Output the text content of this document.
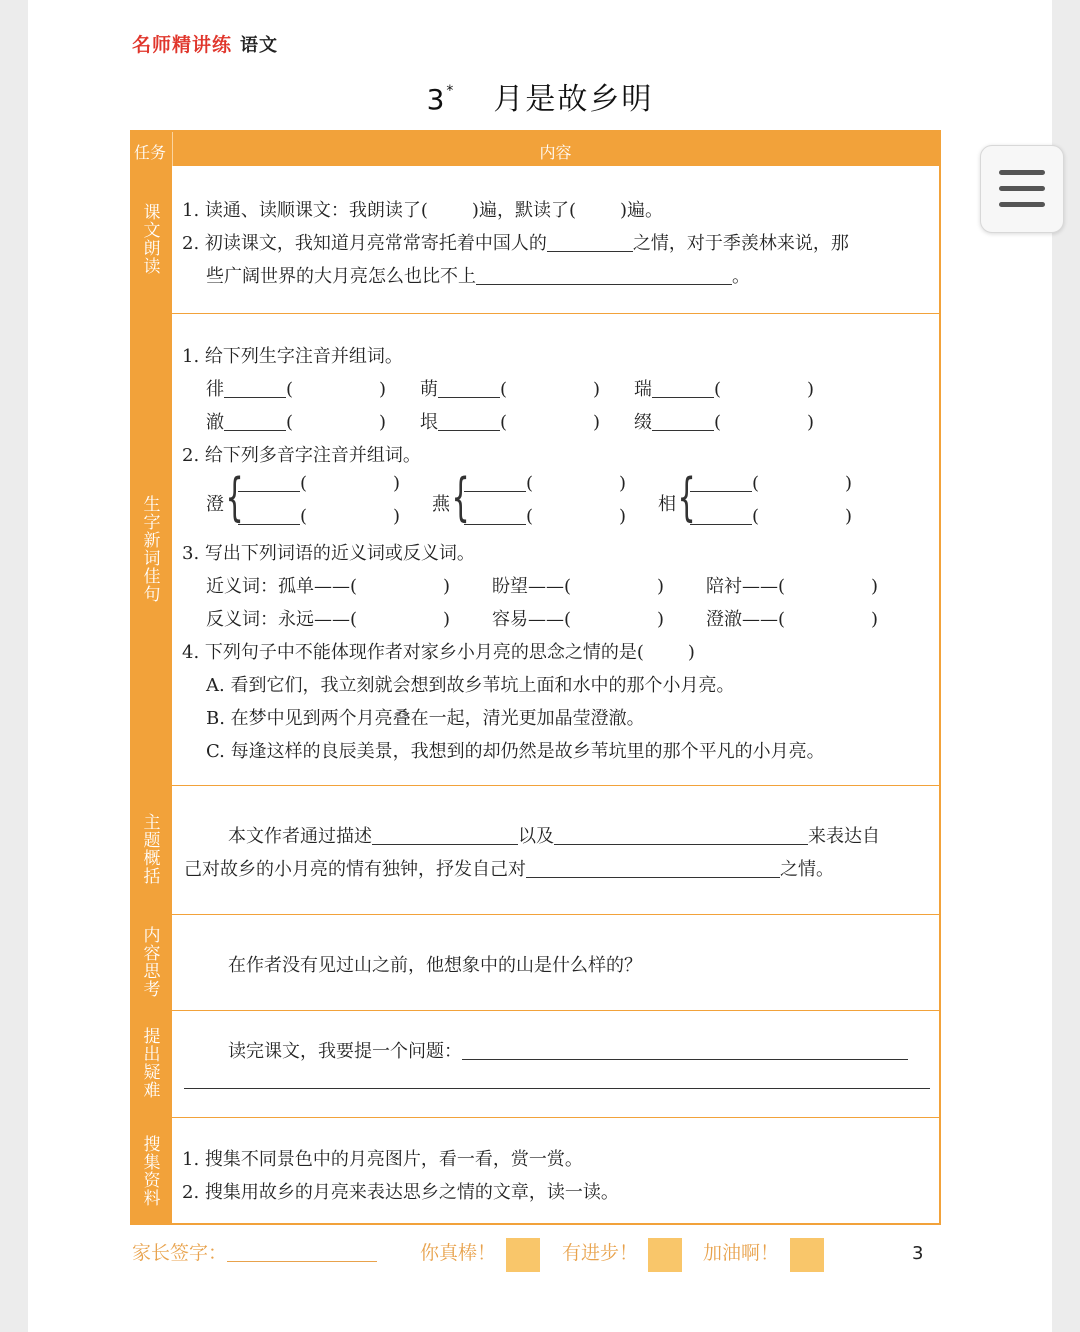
名师精讲练 语文
3 * 月是故乡明
任务	内容
课文朗读
1. 读通、读顺课文：我朗读了( )遍，默读了( )遍。
2. 初读课文，我知道月亮常常寄托着中国人的	之情，对于季羡林来说，那
些广阔世界的大月亮怎么也比不上	。
生字新词佳句
1. 给下列生字注音并组词。
徘	(	) 萌	(	) 瑞	(	)
澈	(	) 垠	(	) 缀	(	)
2. 给下列多音字注音并组词。
澄 {	(	)
(	)
燕 {	(	)
(	)
相 {	(	)
(	)
3. 写出下列词语的近义词或反义词。
近义词：孤单——(	) 盼望——(	) 陪衬——(	)
反义词：永远——(	) 容易——(	) 澄澈——(	)
4. 下列句子中不能体现作者对家乡小月亮的思念之情的是( )
A. 看到它们，我立刻就会想到故乡苇坑上面和水中的那个小月亮。
B. 在梦中见到两个月亮叠在一起，清光更加晶莹澄澈。
C. 每逢这样的良辰美景，我想到的却仍然是故乡苇坑里的那个平凡的小月亮。
主题概括
本文作者通过描述	以及	来表达自
己对故乡的小月亮的情有独钟，抒发自己对	之情。
内容思考
在作者没有见过山之前，他想象中的山是什么样的？
提出疑难
读完课文，我要提一个问题：
搜集资料
1. 搜集不同景色中的月亮图片，看一看，赏一赏。
2. 搜集用故乡的月亮来表达思乡之情的文章，读一读。
家长签字：	你真棒！	有进步！	加油啊！	3
